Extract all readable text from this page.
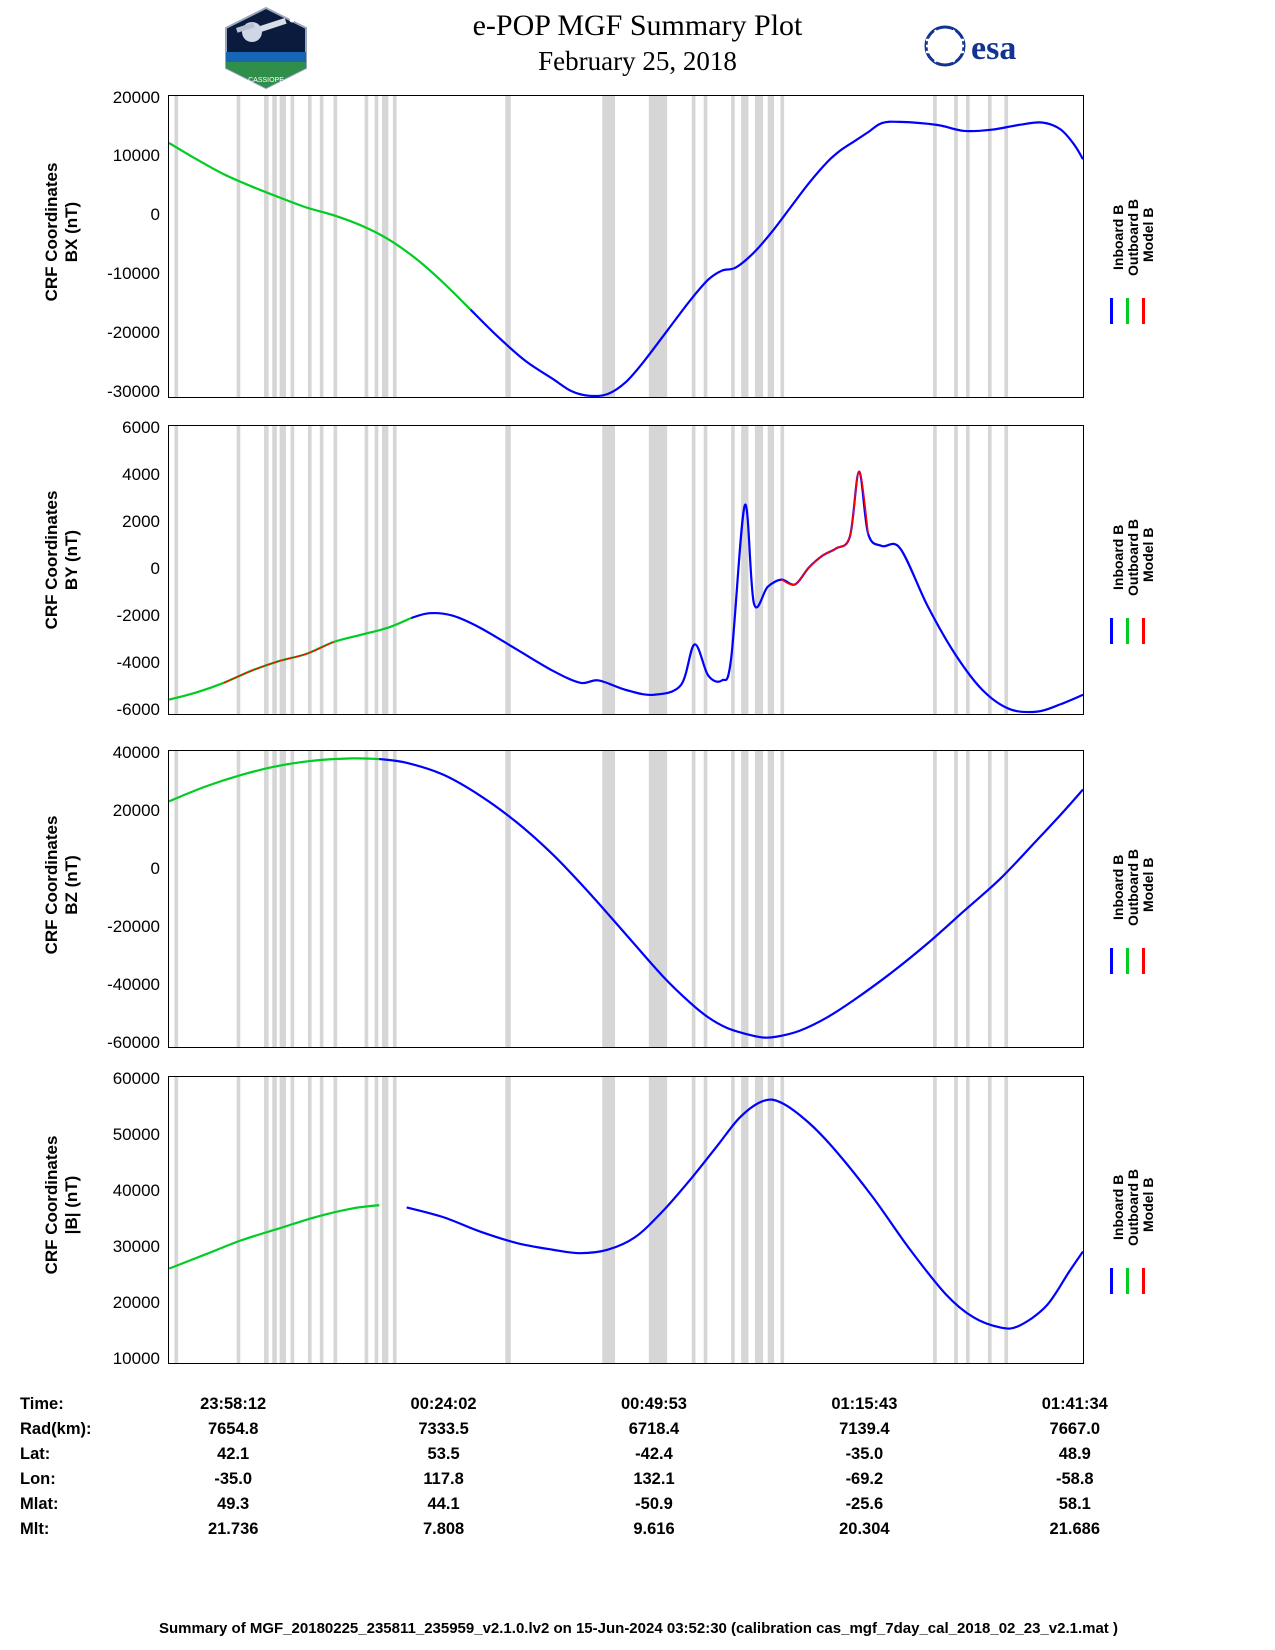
e-POP MGF Summary Plot
February 25, 2018
CASSIOPE
esa
20000
10000
0
-10000
-20000
-30000
CRF Coordinates
BX (nT)	Inboard B Outboard B Model B
6000
4000
2000
0
-2000
-4000
-6000
CRF Coordinates
BY (nT)	Inboard B Outboard B Model B
40000
20000
0
-20000
-40000
-60000
CRF Coordinates
BZ (nT)	Inboard B Outboard B Model B
60000
50000
40000
30000
20000
10000
CRF Coordinates
|B| (nT)	Inboard B Outboard B Model B
Time:	23:58:12	00:24:02	00:49:53	01:15:43	01:41:34
Rad(km):	7654.8	7333.5	6718.4	7139.4	7667.0
Lat:	42.1	53.5	-42.4	-35.0	48.9
Lon:	-35.0	117.8	132.1	-69.2	-58.8
Mlat:	49.3	44.1	-50.9	-25.6	58.1
Mlt:	21.736	7.808	9.616	20.304	21.686
Summary of MGF_20180225_235811_235959_v2.1.0.lv2 on 15-Jun-2024 03:52:30 (calibration cas_mgf_7day_cal_2018_02_23_v2.1.mat )
